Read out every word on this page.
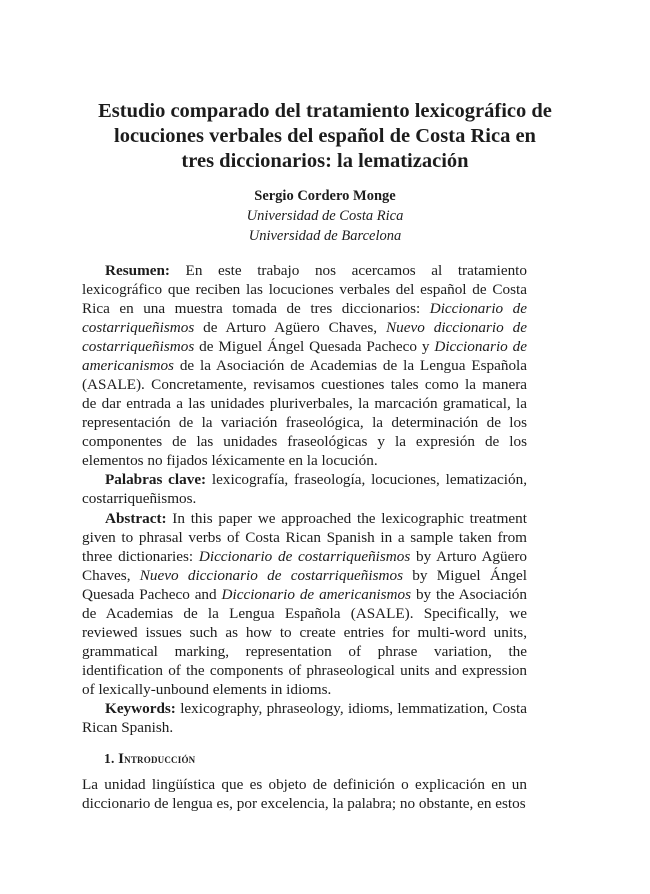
Estudio comparado del tratamiento lexicográfico de
locuciones verbales del español de Costa Rica en
tres diccionarios: la lematización
Sergio Cordero Monge
Universidad de Costa Rica
Universidad de Barcelona

Resumen: En este trabajo nos acercamos al tratamiento lexicográfico que reciben las locuciones verbales del español de Costa Rica en una muestra tomada de tres diccionarios: Diccionario de costarriqueñismos de Arturo Agüero Chaves, Nuevo diccionario de costarriqueñismos de Miguel Ángel Quesada Pacheco y Diccionario de americanismos de la Asociación de Academias de la Lengua Española (ASALE). Concretamente, revisamos cuestiones tales como la manera de dar entrada a las unidades pluriverbales, la marcación gramatical, la representación de la variación fraseológica, la determinación de los componentes de las unidades fraseológicas y la expresión de los elementos no fijados léxicamente en la locución.

Palabras clave: lexicografía, fraseología, locuciones, lematización, costarriqueñismos.

Abstract: In this paper we approached the lexicographic treatment given to phrasal verbs of Costa Rican Spanish in a sample taken from three dictionaries: Diccionario de costarriqueñismos by Arturo Agüero Chaves, Nuevo diccionario de costarriqueñismos by Miguel Ángel Quesada Pacheco and Diccionario de americanismos by the Asociación de Academias de la Lengua Española (ASALE). Specifically, we reviewed issues such as how to create entries for multi-word units, grammatical marking, representation of phrase variation, the identification of the components of phraseological units and expression of lexically-unbound elements in idioms.

Keywords: lexicography, phraseology, idioms, lemmatization, Costa Rican Spanish.

1. Introducción

La unidad lingüística que es objeto de definición o explicación en un diccionario de lengua es, por excelencia, la palabra; no obstante, en estos
